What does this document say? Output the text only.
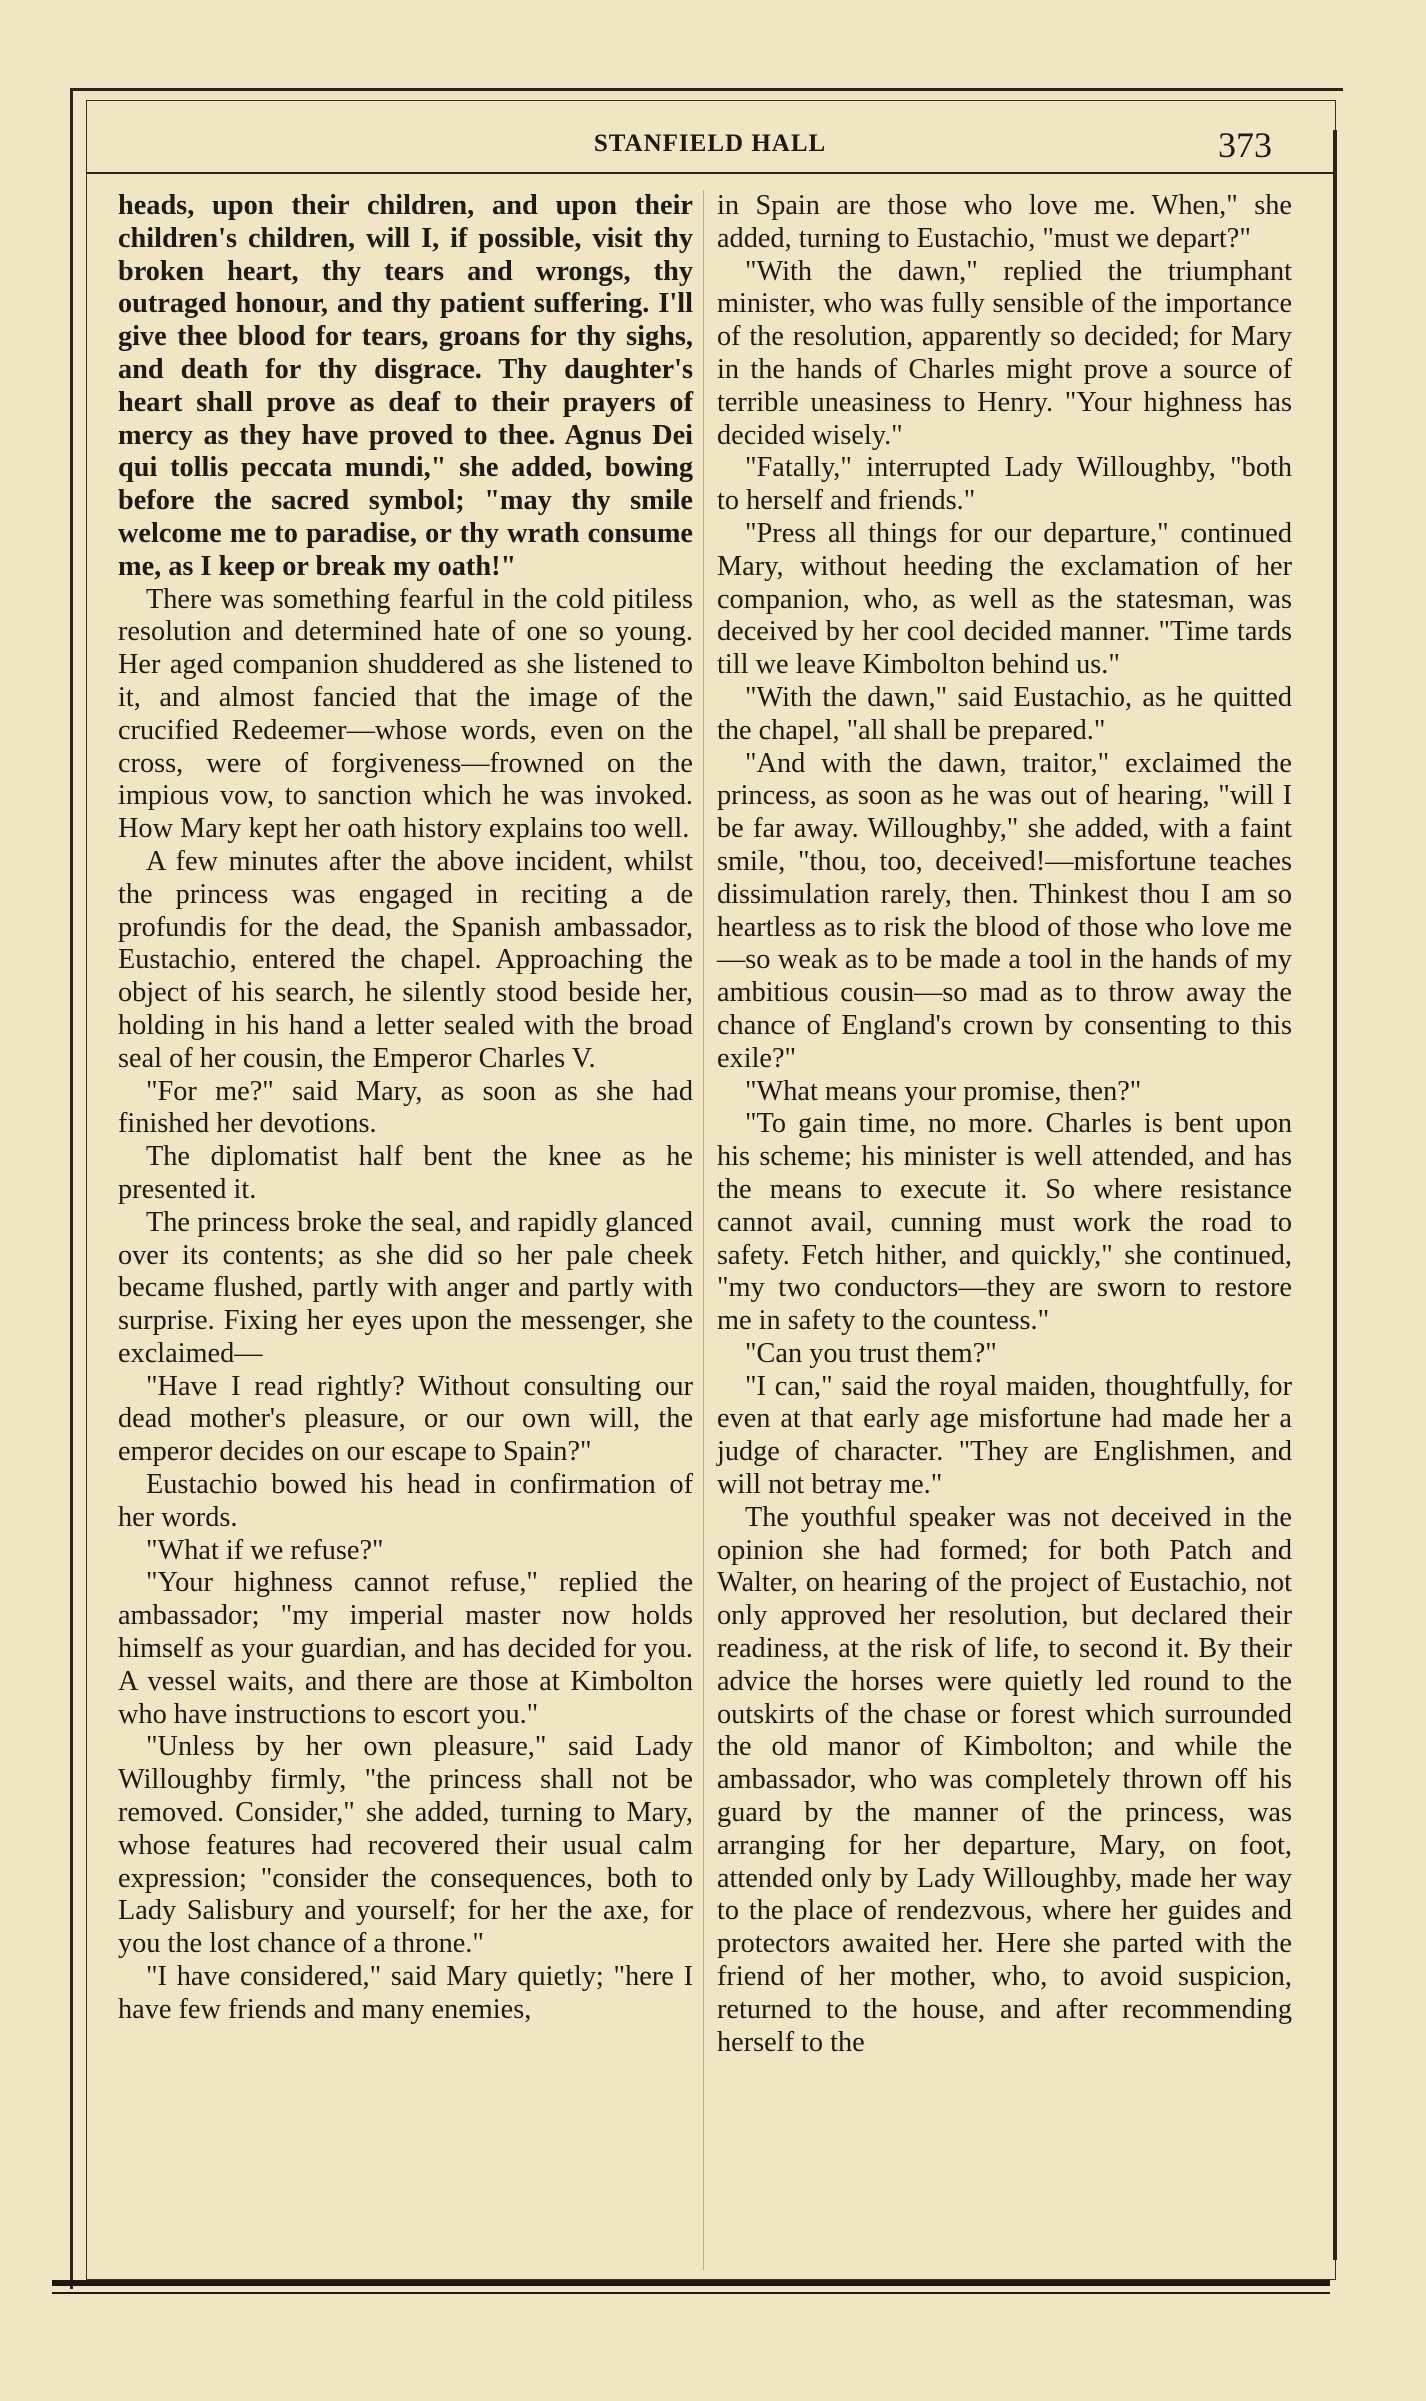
STANFIELD HALL	373

heads, upon their children, and upon their children's children, will I, if possible, visit thy broken heart, thy tears and wrongs, thy outraged honour, and thy patient suffering. I'll give thee blood for tears, groans for thy sighs, and death for thy disgrace. Thy daughter's heart shall prove as deaf to their prayers of mercy as they have proved to thee. Agnus Dei qui tollis peccata mundi," she added, bowing before the sacred symbol; "may thy smile welcome me to paradise, or thy wrath consume me, as I keep or break my oath!"

There was something fearful in the cold pitiless resolution and determined hate of one so young. Her aged companion shuddered as she listened to it, and almost fancied that the image of the crucified Redeemer—whose words, even on the cross, were of forgiveness—frowned on the impious vow, to sanction which he was invoked. How Mary kept her oath history explains too well.

A few minutes after the above incident, whilst the princess was engaged in reciting a de profundis for the dead, the Spanish ambassador, Eustachio, entered the chapel. Approaching the object of his search, he silently stood beside her, holding in his hand a letter sealed with the broad seal of her cousin, the Emperor Charles V.

"For me?" said Mary, as soon as she had finished her devotions.

The diplomatist half bent the knee as he presented it.

The princess broke the seal, and rapidly glanced over its contents; as she did so her pale cheek became flushed, partly with anger and partly with surprise. Fixing her eyes upon the messenger, she exclaimed—

"Have I read rightly? Without consulting our dead mother's pleasure, or our own will, the emperor decides on our escape to Spain?"

Eustachio bowed his head in confirmation of her words.

"What if we refuse?"

"Your highness cannot refuse," replied the ambassador; "my imperial master now holds himself as your guardian, and has decided for you. A vessel waits, and there are those at Kimbolton who have instructions to escort you."

"Unless by her own pleasure," said Lady Willoughby firmly, "the princess shall not be removed. Consider," she added, turning to Mary, whose features had recovered their usual calm expression; "consider the consequences, both to Lady Salisbury and yourself; for her the axe, for you the lost chance of a throne."

"I have considered," said Mary quietly; "here I have few friends and many enemies,

in Spain are those who love me. When," she added, turning to Eustachio, "must we depart?"

"With the dawn," replied the triumphant minister, who was fully sensible of the importance of the resolution, apparently so decided; for Mary in the hands of Charles might prove a source of terrible uneasiness to Henry. "Your highness has decided wisely."

"Fatally," interrupted Lady Willoughby, "both to herself and friends."

"Press all things for our departure," continued Mary, without heeding the exclamation of her companion, who, as well as the statesman, was deceived by her cool decided manner. "Time tards till we leave Kimbolton behind us."

"With the dawn," said Eustachio, as he quitted the chapel, "all shall be prepared."

"And with the dawn, traitor," exclaimed the princess, as soon as he was out of hearing, "will I be far away. Willoughby," she added, with a faint smile, "thou, too, deceived!—misfortune teaches dissimulation rarely, then. Thinkest thou I am so heartless as to risk the blood of those who love me—so weak as to be made a tool in the hands of my ambitious cousin—so mad as to throw away the chance of England's crown by consenting to this exile?"

"What means your promise, then?"

"To gain time, no more. Charles is bent upon his scheme; his minister is well attended, and has the means to execute it. So where resistance cannot avail, cunning must work the road to safety. Fetch hither, and quickly," she continued, "my two conductors—they are sworn to restore me in safety to the countess."

"Can you trust them?"

"I can," said the royal maiden, thoughtfully, for even at that early age misfortune had made her a judge of character. "They are Englishmen, and will not betray me."

The youthful speaker was not deceived in the opinion she had formed; for both Patch and Walter, on hearing of the project of Eustachio, not only approved her resolution, but declared their readiness, at the risk of life, to second it. By their advice the horses were quietly led round to the outskirts of the chase or forest which surrounded the old manor of Kimbolton; and while the ambassador, who was completely thrown off his guard by the manner of the princess, was arranging for her departure, Mary, on foot, attended only by Lady Willoughby, made her way to the place of rendezvous, where her guides and protectors awaited her. Here she parted with the friend of her mother, who, to avoid suspicion, returned to the house, and after recommending herself to the
